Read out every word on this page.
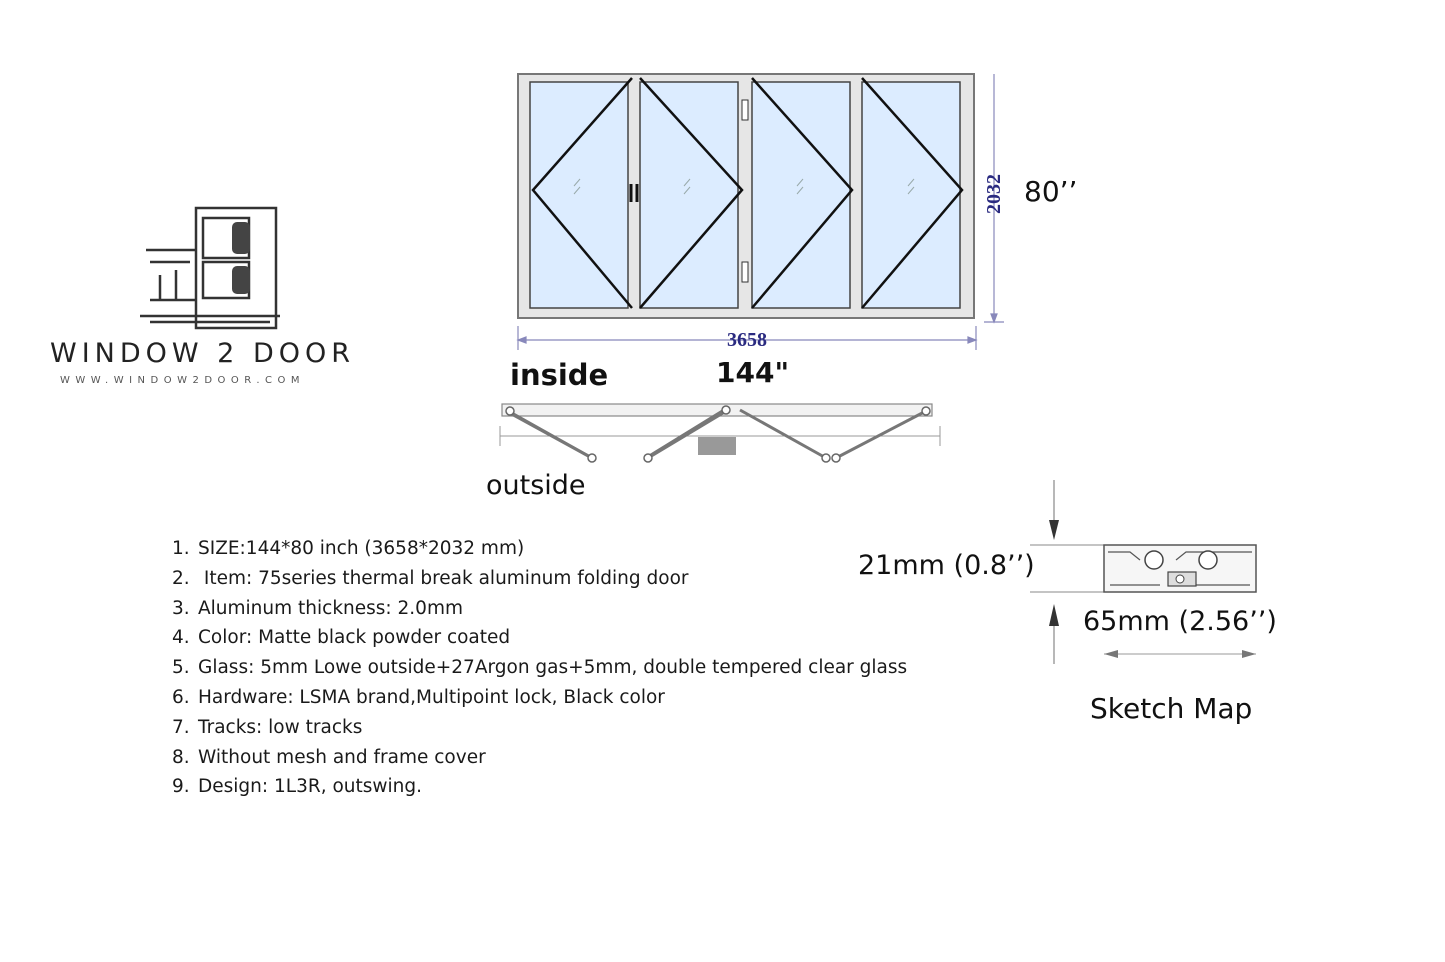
WINDOW 2 DOOR
WWW.WINDOW2DOOR.COM
3658
2032 80’’
144"
inside
outside
21mm (0.8’’)
65mm (2.56’’)
Sketch Map
1. SIZE:144*80 inch (3658*2032 mm)
2. Item: 75series thermal break aluminum folding door
3. Aluminum thickness: 2.0mm
4. Color: Matte black powder coated
5. Glass: 5mm Lowe outside+27Argon gas+5mm, double tempered clear glass
6. Hardware: LSMA brand,Multipoint lock, Black color
7. Tracks: low tracks
8. Without mesh and frame cover
9. Design: 1L3R, outswing.
